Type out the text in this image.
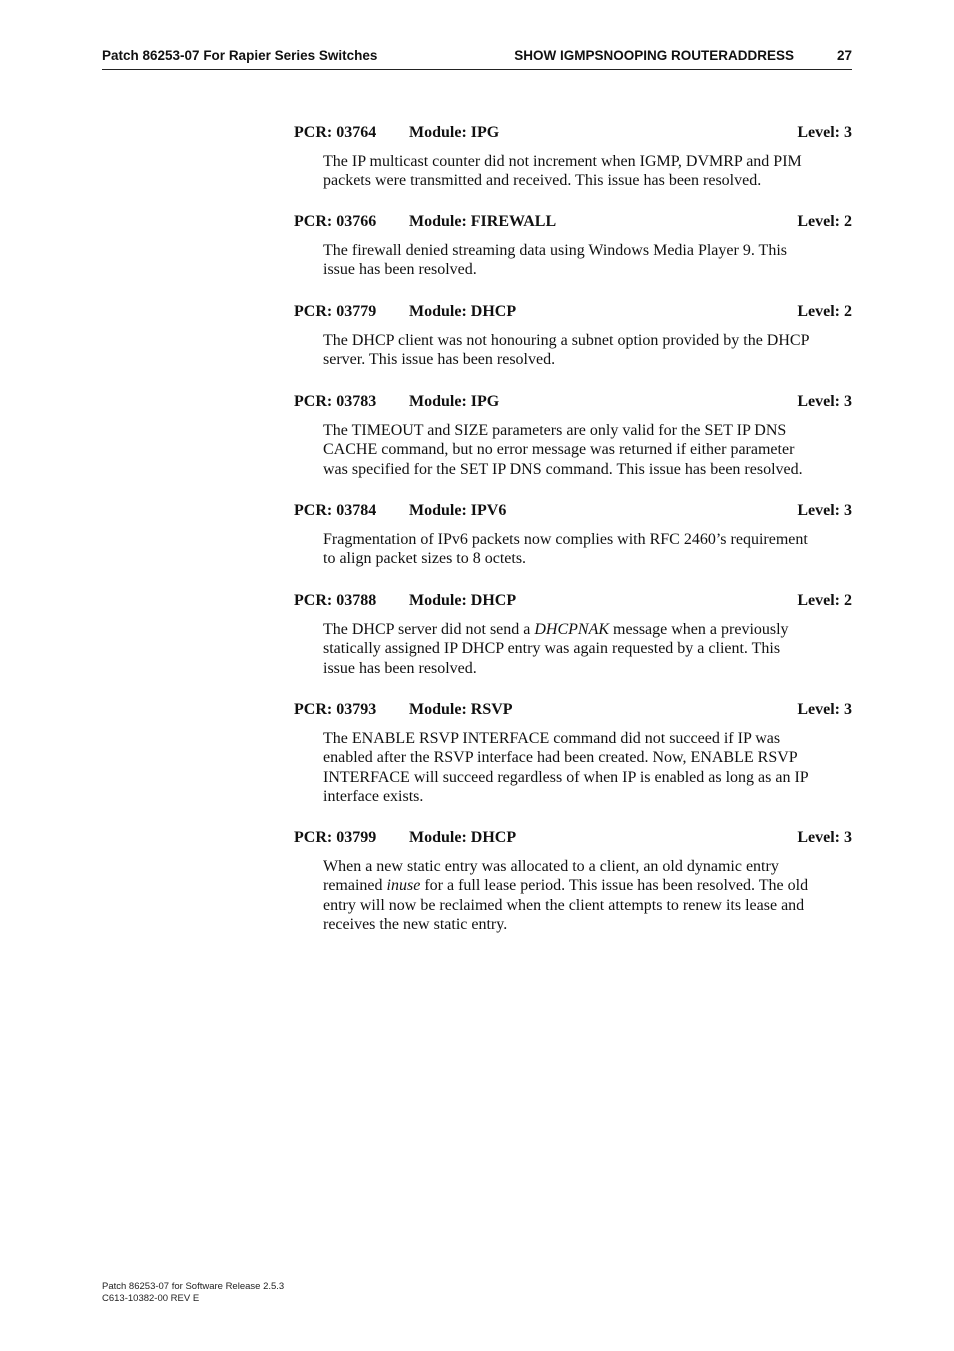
Patch 86253-07 For Rapier Series Switches	SHOW IGMPSNOOPING ROUTERADDRESS	27
PCR: 03764 Module: IPG	Level: 3

The IP multicast counter did not increment when IGMP, DVMRP and PIM

packets were transmitted and received. This issue has been resolved.

PCR: 03766 Module: FIREWALL	Level: 2

The firewall denied streaming data using Windows Media Player 9. This

issue has been resolved.

PCR: 03779 Module: DHCP	Level: 2

The DHCP client was not honouring a subnet option provided by the DHCP

server. This issue has been resolved.

PCR: 03783 Module: IPG	Level: 3

The TIMEOUT and SIZE parameters are only valid for the SET IP DNS

CACHE command, but no error message was returned if either parameter

was specified for the SET IP DNS command. This issue has been resolved.

PCR: 03784 Module: IPV6	Level: 3

Fragmentation of IPv6 packets now complies with RFC 2460’s requirement

to align packet sizes to 8 octets.

PCR: 03788 Module: DHCP	Level: 2

The DHCP server did not send a DHCPNAK message when a previously

statically assigned IP DHCP entry was again requested by a client. This

issue has been resolved.

PCR: 03793 Module: RSVP	Level: 3

The ENABLE RSVP INTERFACE command did not succeed if IP was

enabled after the RSVP interface had been created. Now, ENABLE RSVP

INTERFACE will succeed regardless of when IP is enabled as long as an IP

interface exists.

PCR: 03799 Module: DHCP	Level: 3

When a new static entry was allocated to a client, an old dynamic entry

remained inuse for a full lease period. This issue has been resolved. The old

entry will now be reclaimed when the client attempts to renew its lease and

receives the new static entry.

Patch 86253-07 for Software Release 2.5.3
C613-10382-00 REV E
